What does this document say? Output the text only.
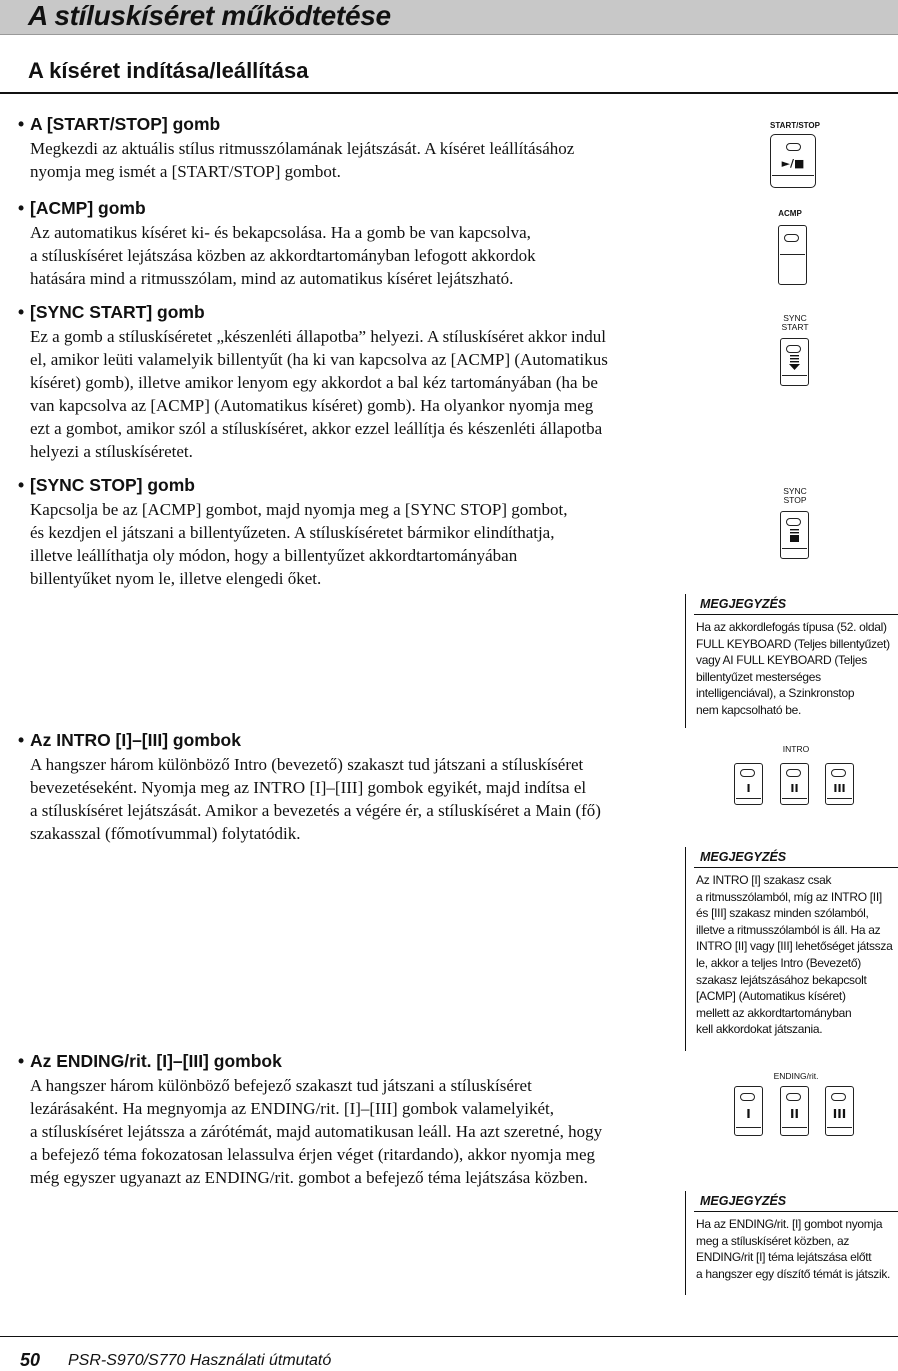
A stíluskíséret működtetése
A kíséret indítása/leállítása
• A [START/STOP] gomb

Megkezdi az aktuális stílus ritmusszólamának lejátszását. A kíséret leállításához
nyomja meg ismét a [START/STOP] gombot.

• [ACMP] gomb

Az automatikus kíséret ki- és bekapcsolása. Ha a gomb be van kapcsolva,
a stíluskíséret lejátszása közben az akkordtartományban lefogott akkordok
hatására mind a ritmusszólam, mind az automatikus kíséret lejátszható.

• [SYNC START] gomb

Ez a gomb a stíluskíséretet „készenléti állapotba” helyezi. A stíluskíséret akkor indul
el, amikor leüti valamelyik billentyűt (ha ki van kapcsolva az [ACMP] (Automatikus
kíséret) gomb), illetve amikor lenyom egy akkordot a bal kéz tartományában (ha be
van kapcsolva az [ACMP] (Automatikus kíséret) gomb). Ha olyankor nyomja meg
ezt a gombot, amikor szól a stíluskíséret, akkor ezzel leállítja és készenléti állapotba
helyezi a stíluskíséretet.

• [SYNC STOP] gomb

Kapcsolja be az [ACMP] gombot, majd nyomja meg a [SYNC STOP] gombot,
és kezdjen el játszani a billentyűzeten. A stíluskíséretet bármikor elindíthatja,
illetve leállíthatja oly módon, hogy a billentyűzet akkordtartományában
billentyűket nyom le, illetve elengedi őket.

• Az INTRO [I]–[III] gombok

A hangszer három különböző Intro (bevezető) szakaszt tud játszani a stíluskíséret
bevezetéseként. Nyomja meg az INTRO [I]–[III] gombok egyikét, majd indítsa el
a stíluskíséret lejátszását. Amikor a bevezetés a végére ér, a stíluskíséret a Main (fő)
szakasszal (főmotívummal) folytatódik.

• Az ENDING/rit. [I]–[III] gombok

A hangszer három különböző befejező szakaszt tud játszani a stíluskíséret
lezárásaként. Ha megnyomja az ENDING/rit. [I]–[III] gombok valamelyikét,
a stíluskíséret lejátssza a zárótémát, majd automatikusan leáll. Ha azt szeretné, hogy
a befejező téma fokozatosan lelassulva érjen véget (ritardando), akkor nyomja meg
még egyszer ugyanazt az ENDING/rit. gombot a befejező téma lejátszása közben.

START/STOP
►/■
ACMP
SYNC
START
SYNC
STOP
MEGJEGYZÉS
Ha az akkordlefogás típusa (52. oldal)
FULL KEYBOARD (Teljes billentyűzet)
vagy AI FULL KEYBOARD (Teljes
billentyűzet mesterséges
intelligenciával), a Szinkronstop
nem kapcsolható be.
INTRO
I	II	III
MEGJEGYZÉS
Az INTRO [I] szakasz csak
a ritmusszólamból, míg az INTRO [II]
és [III] szakasz minden szólamból,
illetve a ritmusszólamból is áll. Ha az
INTRO [II] vagy [III] lehetőséget játssza
le, akkor a teljes Intro (Bevezető)
szakasz lejátszásához bekapcsolt
[ACMP] (Automatikus kíséret)
mellett az akkordtartományban
kell akkordokat játszania.
ENDING/rit.
I	II	III
MEGJEGYZÉS
Ha az ENDING/rit. [I] gombot nyomja
meg a stíluskíséret közben, az
ENDING/rit [I] téma lejátszása előtt
a hangszer egy díszítő témát is játszik.
50 PSR-S970/S770 Használati útmutató
